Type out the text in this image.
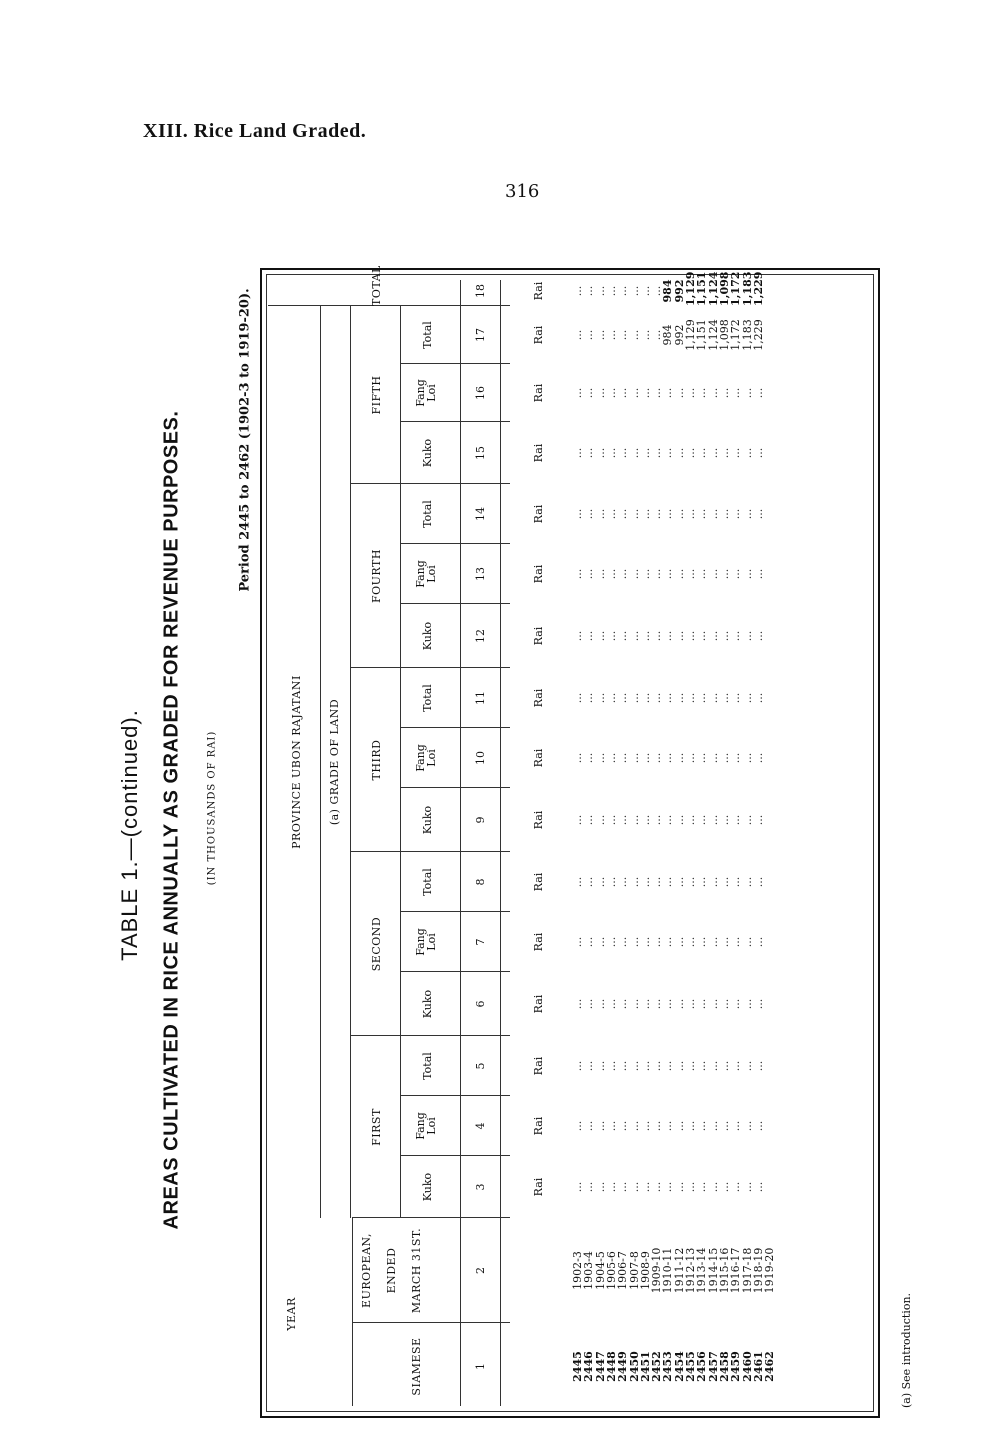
XIII. Rice Land Graded.
316
YEAR
SIAMESE
EUROPEAN, ENDED MARCH 31ST.
PROVINCE UBON RAJATANI (a) GRADE OF LAND
TOTAL
FIRST
Kuko
Fang Loi
Total
SECOND
Kuko
Fang Loi
Total
THIRD
Kuko
Fang Loi
Total
FOURTH
Kuko
Fang Loi
Total
FIFTH
Kuko
Fang Loi
Total
1
2
3
4
5
6
7
8
9
10
11
12
13
14
15
16
17
18
Rai
Rai
Rai
Rai
Rai
Rai
Rai
Rai
Rai
Rai
Rai
Rai
Rai
Rai
Rai
Rai
2445
2446
2447
2448
2449
2450
2451
2452
2453
2454
2455
2456
2457
2458
2459
2460
2461
2462
1902-3
1903-4
1904-5
1905-6
1906-7
1907-8
1908-9
1909-10
1910-11
1911-12
1912-13
1913-14
1914-15
1915-16
1916-17
1917-18
1918-19
1919-20
...
...
...
...
...
...
...
...
...
...
...
...
...
...
...
...
...
...
...
...
...
...
...
...
...
...
...
...
...
...
...
...
...
...
...
...
...
...
...
...
...
...
...
...
...
...
...
...
...
...
...
...
...
...
...
...
...
...
...
...
...
...
...
...
...
...
...
...
...
...
...
...
...
...
...
...
...
...
...
...
...
...
...
...
...
...
...
...
...
...
...
...
...
...
...
...
...
...
...
...
...
...
...
...
...
...
...
...
...
...
...
...
...
...
...
...
...
...
...
...
...
...
...
...
...
...
...
...
...
...
...
...
...
...
...
...
...
...
...
...
...
...
...
...
...
...
...
...
...
...
...
...
...
...
...
...
...
...
...
...
...
...
...
...
...
...
...
...
...
...
...
...
...
...
...
...
...
...
...
...
...
...
...
...
...
...
...
...
...
...
...
...
...
...
...
...
...
...
...
...
...
...
...
...
...
...
...
...
...
...
...
...
...
...
...
...
...
...
...
...
...
...
...
...
...
...
...
...
...
...
...
...
...
...
...
...
...
...
...
...
...
...
...
...
...
...
984
992
1,129
1,151
1,124
1,098
1,172
1,183
1,229
...
...
...
...
...
...
...
...
984
992
1,129
1,151
1,124
1,098
1,172
1,183
1,229
(a) See introduction.
TABLE 1.—(continued). AREAS CULTIVATED IN RICE ANNUALLY AS GRADED FOR REVENUE PURPOSES. (IN THOUSANDS OF RAI)
Period 2445 to 2462 (1902-3 to 1919-20).
